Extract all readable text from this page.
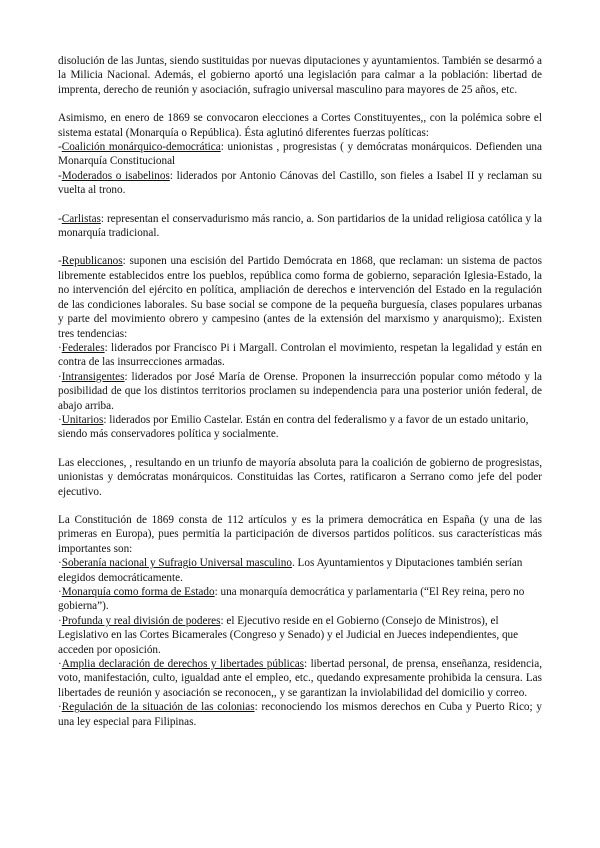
disolución de las Juntas, siendo sustituidas por nuevas diputaciones y ayuntamientos. También se desarmó a la Milicia Nacional. Además, el gobierno aportó una legislación para calmar a la población: libertad de imprenta, derecho de reunión y asociación, sufragio universal masculino para mayores de 25 años, etc.

Asimismo, en enero de 1869 se convocaron elecciones a Cortes Constituyentes,, con la polémica sobre el sistema estatal (Monarquía o República). Ésta aglutinó diferentes fuerzas políticas:

-Coalición monárquico-democrática: unionistas , progresistas ( y demócratas monárquicos. Defienden una Monarquía Constitucional

-Moderados o isabelinos: liderados por Antonio Cánovas del Castillo, son fieles a Isabel II y reclaman su vuelta al trono.

-Carlistas: representan el conservadurismo más rancio, a. Son partidarios de la unidad religiosa católica y la monarquía tradicional.

-Republicanos: suponen una escisión del Partido Demócrata en 1868, que reclaman: un sistema de pactos libremente establecidos entre los pueblos, república como forma de gobierno, separación Iglesia-Estado, la no intervención del ejército en política, ampliación de derechos e intervención del Estado en la regulación de las condiciones laborales. Su base social se compone de la pequeña burguesía, clases populares urbanas y parte del movimiento obrero y campesino (antes de la extensión del marxismo y anarquismo);. Existen tres tendencias:

·Federales: liderados por Francisco Pi i Margall. Controlan el movimiento, respetan la legalidad y están en contra de las insurrecciones armadas.

·Intransigentes: liderados por José María de Orense. Proponen la insurrección popular como método y la posibilidad de que los distintos territorios proclamen su independencia para una posterior unión federal, de abajo arriba.

·Unitarios: liderados por Emilio Castelar. Están en contra del federalismo y a favor de un estado unitario, siendo más conservadores política y socialmente.

Las elecciones, , resultando en un triunfo de mayoría absoluta para la coalición de gobierno de progresistas, unionistas y demócratas monárquicos. Constituidas las Cortes, ratificaron a Serrano como jefe del poder ejecutivo.

La Constitución de 1869 consta de 112 artículos y es la primera democrática en España (y una de las primeras en Europa), pues permitía la participación de diversos partidos políticos. sus características más importantes son:

·Soberanía nacional y Sufragio Universal masculino. Los Ayuntamientos y Diputaciones también serían elegidos democráticamente.

·Monarquía como forma de Estado: una monarquía democrática y parlamentaria (“El Rey reina, pero no gobierna”).

·Profunda y real división de poderes: el Ejecutivo reside en el Gobierno (Consejo de Ministros), el Legislativo en las Cortes Bicamerales (Congreso y Senado) y el Judicial en Jueces independientes, que acceden por oposición.

·Amplia declaración de derechos y libertades públicas: libertad personal, de prensa, enseñanza, residencia, voto, manifestación, culto, igualdad ante el empleo, etc., quedando expresamente prohibida la censura. Las libertades de reunión y asociación se reconocen,, y se garantizan la inviolabilidad del domicilio y correo.

·Regulación de la situación de las colonias: reconociendo los mismos derechos en Cuba y Puerto Rico; y una ley especial para Filipinas.
